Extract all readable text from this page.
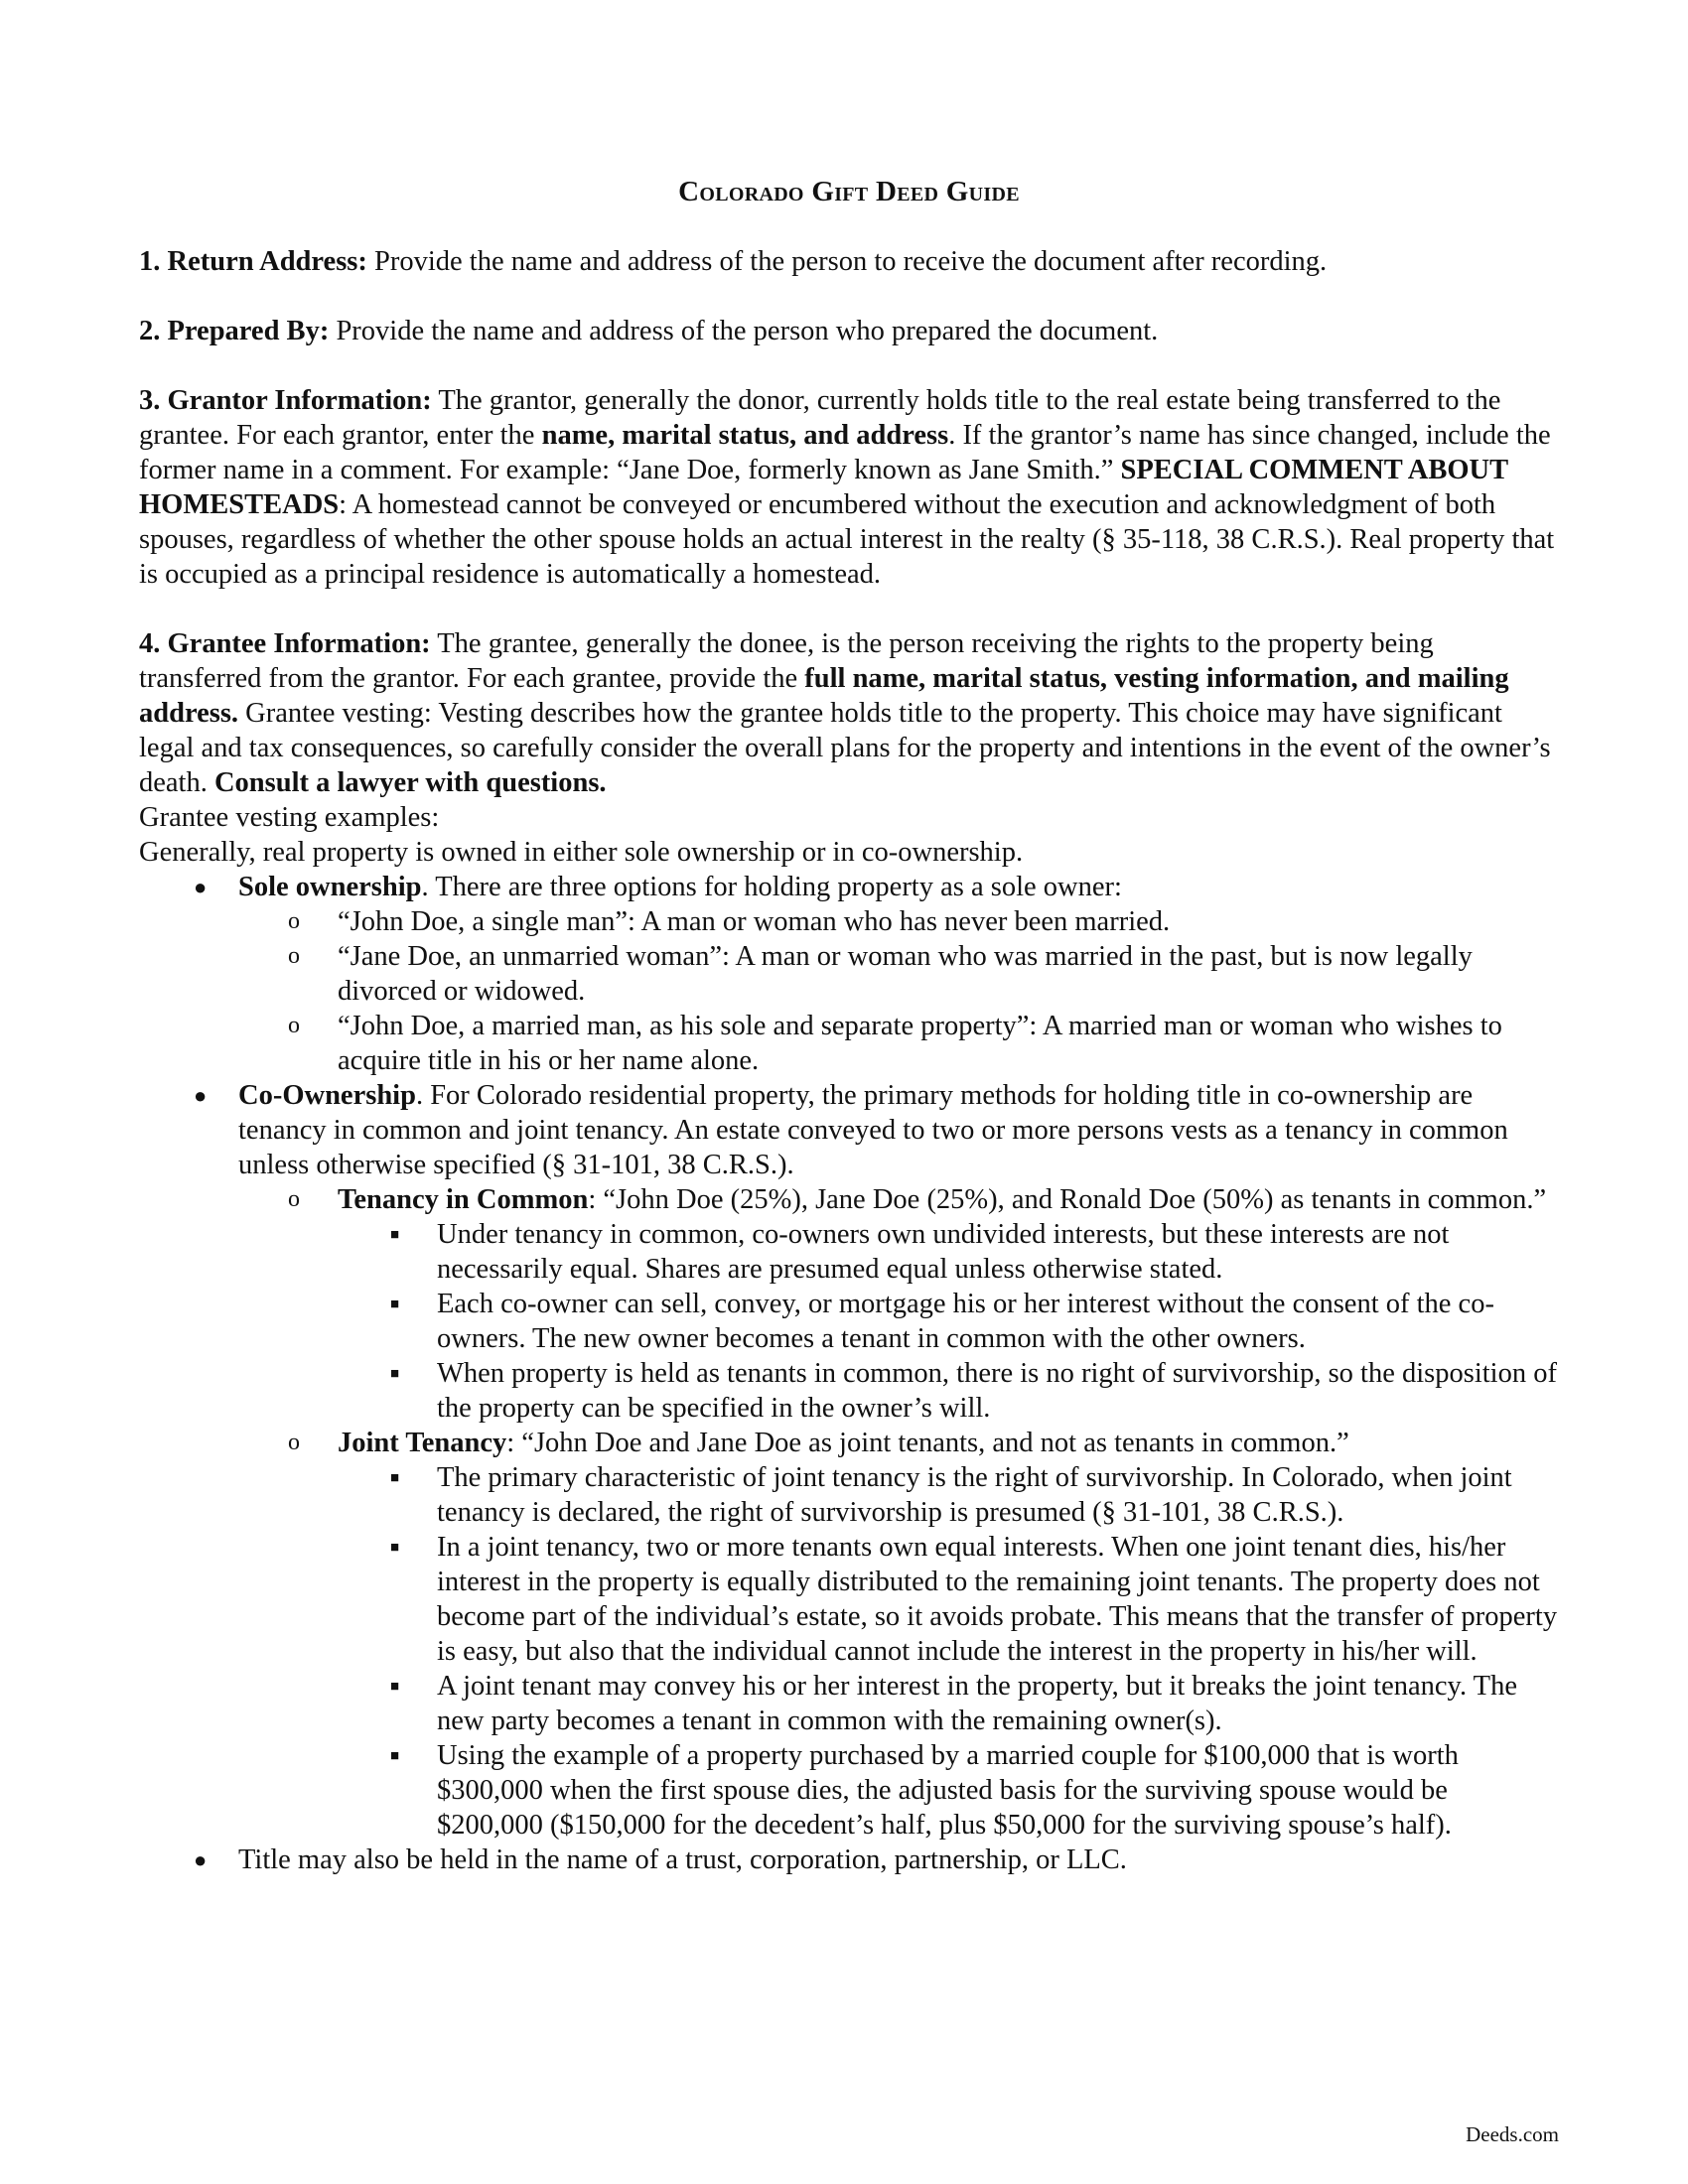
Colorado Gift Deed Guide

1. Return Address: Provide the name and address of the person to receive the document after recording.

2. Prepared By: Provide the name and address of the person who prepared the document.

3. Grantor Information: The grantor, generally the donor, currently holds title to the real estate being transferred to the grantee. For each grantor, enter the name, marital status, and address. If the grantor’s name has since changed, include the former name in a comment. For example: “Jane Doe, formerly known as Jane Smith.” SPECIAL COMMENT ABOUT HOMESTEADS: A homestead cannot be conveyed or encumbered without the execution and acknowledgment of both spouses, regardless of whether the other spouse holds an actual interest in the realty (§ 35-118, 38 C.R.S.). Real property that is occupied as a principal residence is automatically a homestead.

4. Grantee Information: The grantee, generally the donee, is the person receiving the rights to the property being transferred from the grantor. For each grantee, provide the full name, marital status, vesting information, and mailing address. Grantee vesting: Vesting describes how the grantee holds title to the property. This choice may have significant legal and tax consequences, so carefully consider the overall plans for the property and intentions in the event of the owner’s death. Consult a lawyer with questions.

Grantee vesting examples:

Generally, real property is owned in either sole ownership or in co-ownership.

● Sole ownership. There are three options for holding property as a sole owner:
o “John Doe, a single man”: A man or woman who has never been married.
o “Jane Doe, an unmarried woman”: A man or woman who was married in the past, but is now legally divorced or widowed.
o “John Doe, a married man, as his sole and separate property”: A married man or woman who wishes to acquire title in his or her name alone.
● Co-Ownership. For Colorado residential property, the primary methods for holding title in co-ownership are tenancy in common and joint tenancy. An estate conveyed to two or more persons vests as a tenancy in common unless otherwise specified (§ 31-101, 38 C.R.S.).
o Tenancy in Common: “John Doe (25%), Jane Doe (25%), and Ronald Doe (50%) as tenants in common.”
■ Under tenancy in common, co-owners own undivided interests, but these interests are not necessarily equal. Shares are presumed equal unless otherwise stated.
■ Each co-owner can sell, convey, or mortgage his or her interest without the consent of the co-owners. The new owner becomes a tenant in common with the other owners.
■ When property is held as tenants in common, there is no right of survivorship, so the disposition of the property can be specified in the owner’s will.
o Joint Tenancy: “John Doe and Jane Doe as joint tenants, and not as tenants in common.”
■ The primary characteristic of joint tenancy is the right of survivorship. In Colorado, when joint tenancy is declared, the right of survivorship is presumed (§ 31-101, 38 C.R.S.).
■ In a joint tenancy, two or more tenants own equal interests. When one joint tenant dies, his/her interest in the property is equally distributed to the remaining joint tenants. The property does not become part of the individual’s estate, so it avoids probate. This means that the transfer of property is easy, but also that the individual cannot include the interest in the property in his/her will.
■ A joint tenant may convey his or her interest in the property, but it breaks the joint tenancy. The new party becomes a tenant in common with the remaining owner(s).
■ Using the example of a property purchased by a married couple for $100,000 that is worth $300,000 when the first spouse dies, the adjusted basis for the surviving spouse would be $200,000 ($150,000 for the decedent’s half, plus $50,000 for the surviving spouse’s half).
● Title may also be held in the name of a trust, corporation, partnership, or LLC.
Deeds.com
